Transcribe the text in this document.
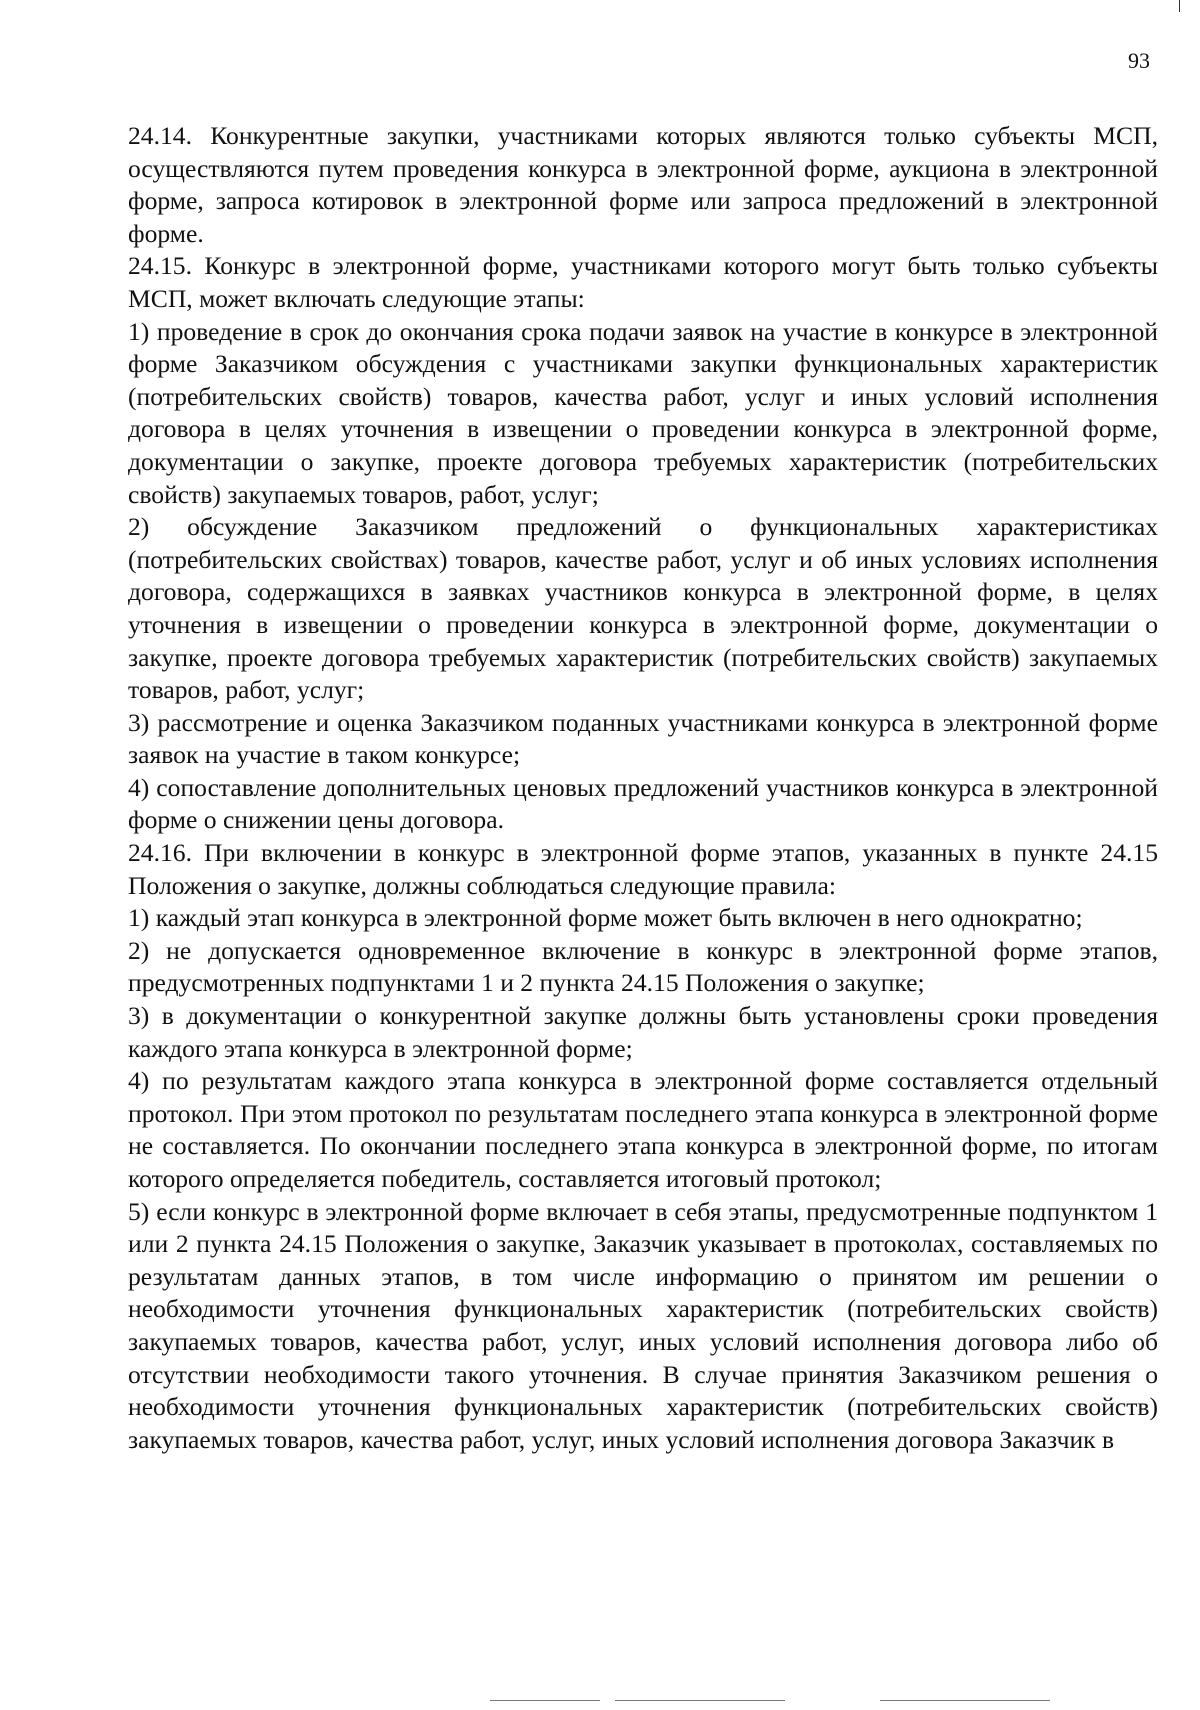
93

24.14. Конкурентные закупки, участниками которых являются только субъекты МСП, осуществляются путем проведения конкурса в электронной форме, аукциона в электронной форме, запроса котировок в электронной форме или запроса предложений в электронной форме.

24.15. Конкурс в электронной форме, участниками которого могут быть только субъекты МСП, может включать следующие этапы:

1) проведение в срок до окончания срока подачи заявок на участие в конкурсе в электронной форме Заказчиком обсуждения с участниками закупки функциональных характеристик (потребительских свойств) товаров, качества работ, услуг и иных условий исполнения договора в целях уточнения в извещении о проведении конкурса в электронной форме, документации о закупке, проекте договора требуемых характеристик (потребительских свойств) закупаемых товаров, работ, услуг;

2) обсуждение Заказчиком предложений о функциональных характеристиках (потребительских свойствах) товаров, качестве работ, услуг и об иных условиях исполнения договора, содержащихся в заявках участников конкурса в электронной форме, в целях уточнения в извещении о проведении конкурса в электронной форме, документации о закупке, проекте договора требуемых характеристик (потребительских свойств) закупаемых товаров, работ, услуг;

3) рассмотрение и оценка Заказчиком поданных участниками конкурса в электронной форме заявок на участие в таком конкурсе;

4) сопоставление дополнительных ценовых предложений участников конкурса в электронной форме о снижении цены договора.

24.16. При включении в конкурс в электронной форме этапов, указанных в пункте 24.15 Положения о закупке, должны соблюдаться следующие правила:

1) каждый этап конкурса в электронной форме может быть включен в него однократно;

2) не допускается одновременное включение в конкурс в электронной форме этапов, предусмотренных подпунктами 1 и 2 пункта 24.15 Положения о закупке;

3) в документации о конкурентной закупке должны быть установлены сроки проведения каждого этапа конкурса в электронной форме;

4) по результатам каждого этапа конкурса в электронной форме составляется отдельный протокол. При этом протокол по результатам последнего этапа конкурса в электронной форме не составляется. По окончании последнего этапа конкурса в электронной форме, по итогам которого определяется победитель, составляется итоговый протокол;

5) если конкурс в электронной форме включает в себя этапы, предусмотренные подпунктом 1 или 2 пункта 24.15 Положения о закупке, Заказчик указывает в протоколах, составляемых по результатам данных этапов, в том числе информацию о принятом им решении о необходимости уточнения функциональных характеристик (потребительских свойств) закупаемых товаров, качества работ, услуг, иных условий исполнения договора либо об отсутствии необходимости такого уточнения. В случае принятия Заказчиком решения о необходимости уточнения функциональных характеристик (потребительских свойств) закупаемых товаров, качества работ, услуг, иных условий исполнения договора Заказчик в
